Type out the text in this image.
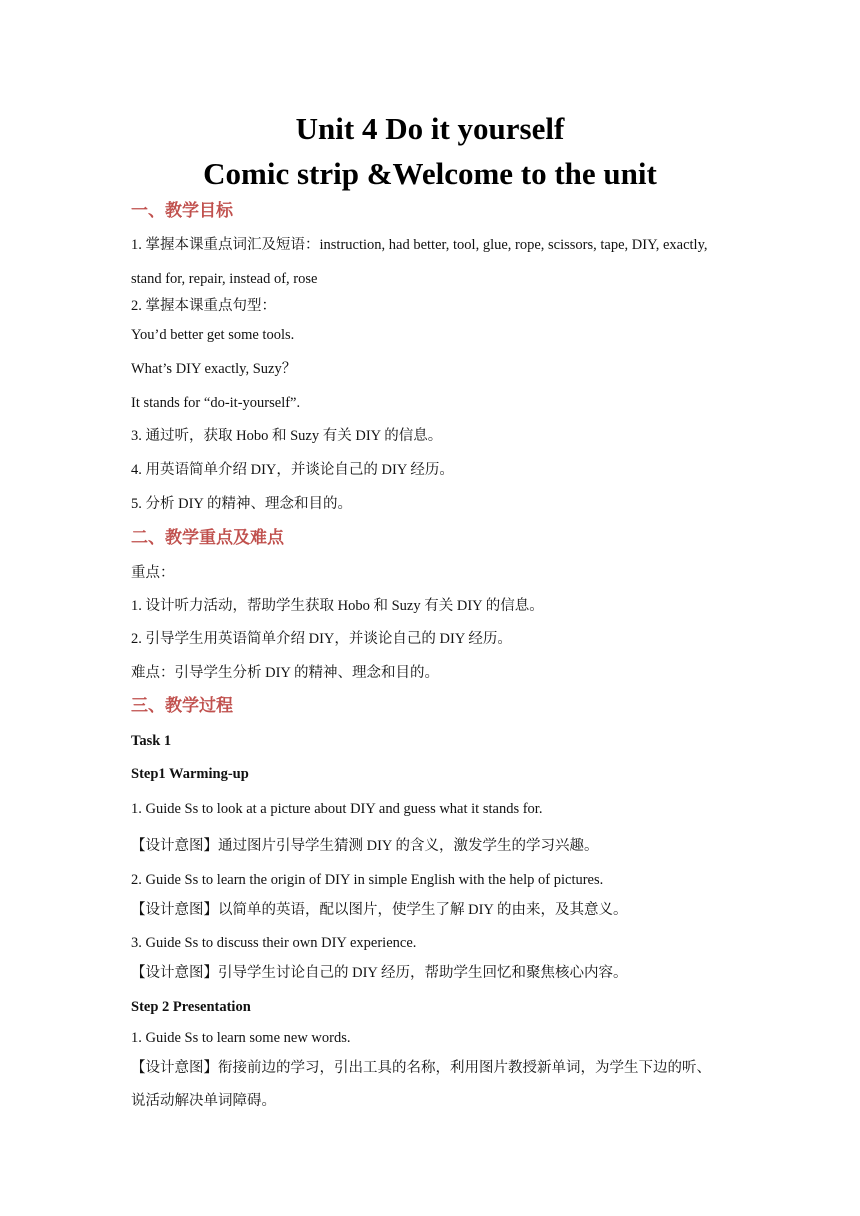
Unit 4 Do it yourself
Comic strip &Welcome to the unit
一、教学目标
1. 掌握本课重点词汇及短语：instruction, had better, tool, glue, rope, scissors, tape, DIY, exactly,
stand for, repair, instead of, rose
2. 掌握本课重点句型：
You’d better get some tools.
What’s DIY exactly, Suzy？
It stands for “do-it-yourself”.
3. 通过听，获取 Hobo 和 Suzy 有关 DIY 的信息。
4. 用英语简单介绍 DIY，并谈论自己的 DIY 经历。
5. 分析 DIY 的精神、理念和目的。
二、教学重点及难点
重点：
1. 设计听力活动，帮助学生获取 Hobo 和 Suzy 有关 DIY 的信息。
2. 引导学生用英语简单介绍 DIY，并谈论自己的 DIY 经历。
难点：引导学生分析 DIY 的精神、理念和目的。
三、教学过程
Task 1
Step1 Warming-up
1. Guide Ss to look at a picture about DIY and guess what it stands for.
【设计意图】通过图片引导学生猜测 DIY 的含义，激发学生的学习兴趣。
2. Guide Ss to learn the origin of DIY in simple English with the help of pictures.
【设计意图】以简单的英语，配以图片，使学生了解 DIY 的由来，及其意义。
3. Guide Ss to discuss their own DIY experience.
【设计意图】引导学生讨论自己的 DIY 经历，帮助学生回忆和聚焦核心内容。
Step 2 Presentation
1. Guide Ss to learn some new words.
【设计意图】衔接前边的学习，引出工具的名称，利用图片教授新单词，为学生下边的听、
说活动解决单词障碍。
